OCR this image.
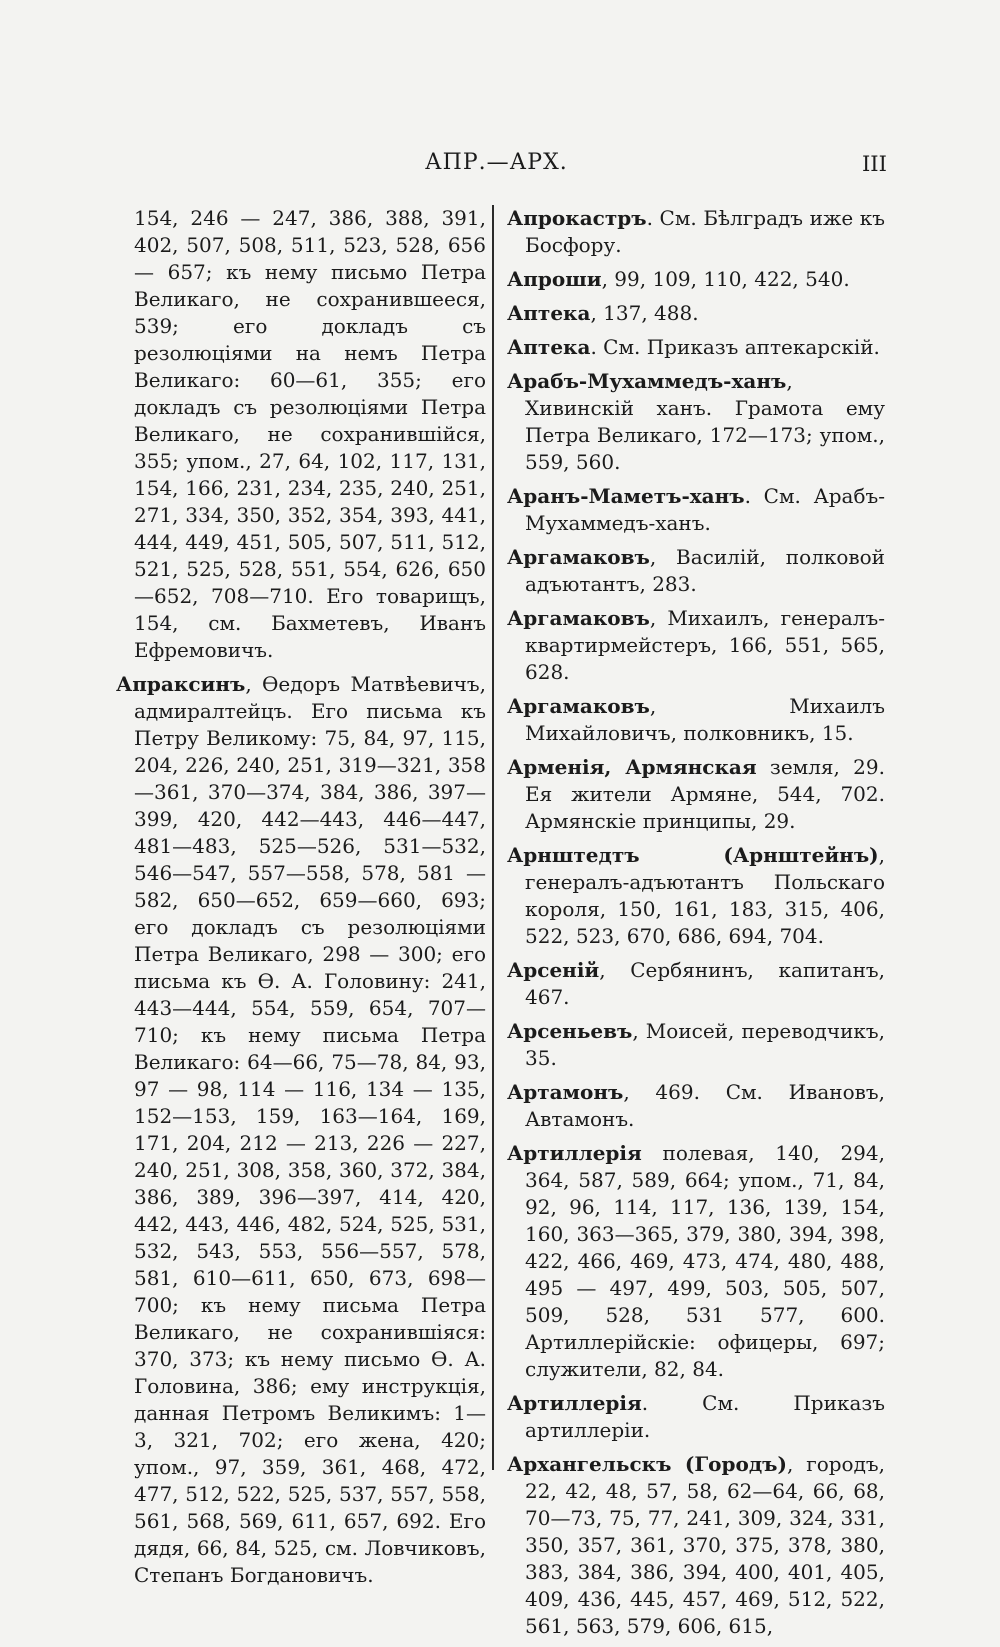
АПР.—АРХ.	III

154, 246 — 247, 386, 388, 391, 402, 507, 508, 511, 523, 528, 656 — 657; къ нему письмо Петра Великаго, не сохранившееся, 539; его докладъ съ резолюціями на немъ Петра Великаго: 60—61, 355; его докладъ съ резолюціями Петра Великаго, не сохранившійся, 355; упом., 27, 64, 102, 117, 131, 154, 166, 231, 234, 235, 240, 251, 271, 334, 350, 352, 354, 393, 441, 444, 449, 451, 505, 507, 511, 512, 521, 525, 528, 551, 554, 626, 650—652, 708—710. Его товарищъ, 154, см. Бахметевъ, Иванъ Ефремовичъ.

Апраксинъ, Ѳедоръ Матвѣевичъ, адмиралтейцъ. Его письма къ Петру Великому: 75, 84, 97, 115, 204, 226, 240, 251, 319—321, 358—361, 370—374, 384, 386, 397—399, 420, 442—443, 446—447, 481—483, 525—526, 531—532, 546—547, 557—558, 578, 581 — 582, 650—652, 659—660, 693; его докладъ съ резолюціями Петра Великаго, 298 — 300; его письма къ Ѳ. А. Головину: 241, 443—444, 554, 559, 654, 707—710; къ нему письма Петра Великаго: 64—66, 75—78, 84, 93, 97 — 98, 114 — 116, 134 — 135, 152—153, 159, 163—164, 169, 171, 204, 212 — 213, 226 — 227, 240, 251, 308, 358, 360, 372, 384, 386, 389, 396—397, 414, 420, 442, 443, 446, 482, 524, 525, 531, 532, 543, 553, 556—557, 578, 581, 610—611, 650, 673, 698—700; къ нему письма Петра Великаго, не сохранившіяся: 370, 373; къ нему письмо Ѳ. А. Головина, 386; ему инструкція, данная Петромъ Великимъ: 1—3, 321, 702; его жена, 420; упом., 97, 359, 361, 468, 472, 477, 512, 522, 525, 537, 557, 558, 561, 568, 569, 611, 657, 692. Его дядя, 66, 84, 525, см. Ловчиковъ, Степанъ Богдановичъ.

Апрокастръ. См. Бѣлградъ иже къ Босфору.

Апроши, 99, 109, 110, 422, 540.

Аптека, 137, 488.

Аптека. См. Приказъ аптекарскій.

Арабъ-Мухаммедъ-ханъ, Хивинскій ханъ. Грамота ему Петра Великаго, 172—173; упом., 559, 560.

Аранъ-Маметъ-ханъ. См. Арабъ-Мухаммедъ-ханъ.

Аргамаковъ, Василій, полковой адъютантъ, 283.

Аргамаковъ, Михаилъ, генералъ-квартирмейстеръ, 166, 551, 565, 628.

Аргамаковъ, Михаилъ Михайловичъ, полковникъ, 15.

Арменія, Армянская земля, 29. Ея жители Армяне, 544, 702. Армянскіе принципы, 29.

Арнштедтъ (Арнштейнъ), генералъ-адъютантъ Польскаго короля, 150, 161, 183, 315, 406, 522, 523, 670, 686, 694, 704.

Арсеній, Сербянинъ, капитанъ, 467.

Арсеньевъ, Моисей, переводчикъ, 35.

Артамонъ, 469. См. Ивановъ, Автамонъ.

Артиллерія полевая, 140, 294, 364, 587, 589, 664; упом., 71, 84, 92, 96, 114, 117, 136, 139, 154, 160, 363—365, 379, 380, 394, 398, 422, 466, 469, 473, 474, 480, 488, 495 — 497, 499, 503, 505, 507, 509, 528, 531 577, 600. Артиллерійскіе: офицеры, 697; служители, 82, 84.

Артиллерія. См. Приказъ артиллеріи.

Архангельскъ (Городъ), городъ, 22, 42, 48, 57, 58, 62—64, 66, 68, 70—73, 75, 77, 241, 309, 324, 331, 350, 357, 361, 370, 375, 378, 380, 383, 384, 386, 394, 400, 401, 405, 409, 436, 445, 457, 469, 512, 522, 561, 563, 579, 606, 615,
